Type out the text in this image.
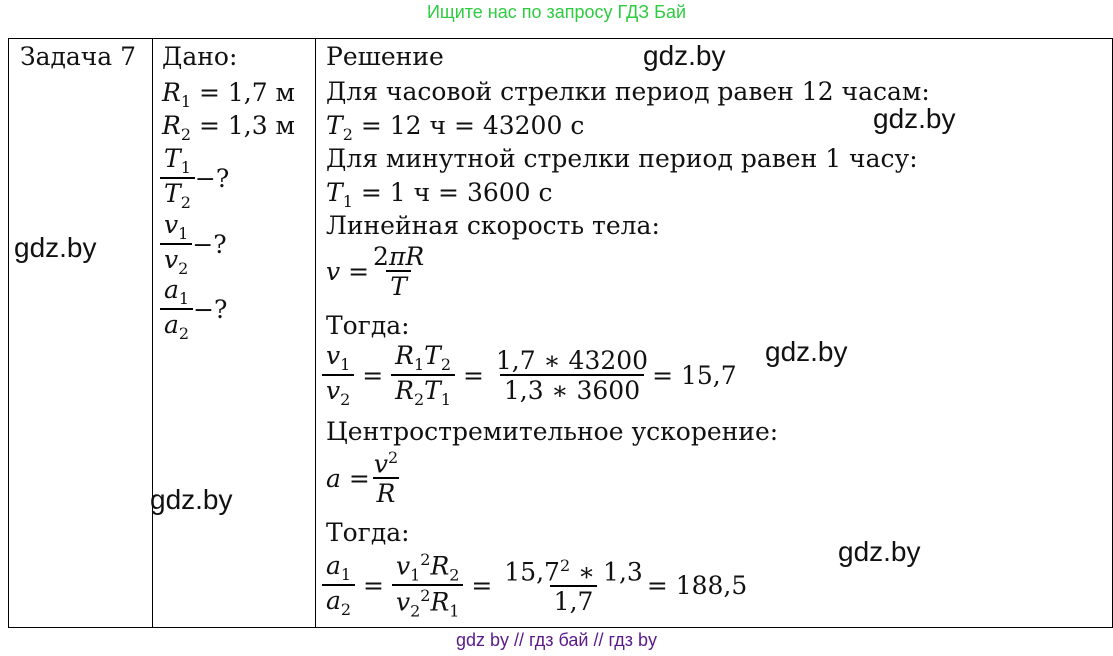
Ищите нас по запросу ГДЗ Бай
Задача 7 Дано:
$R_1 = 1,7$ м
$R_2 = 1,3$ м
$\frac{T_1}{T_2}$ −?
$\frac{v_1}{v_2}$ −?
$\frac{a_1}{a_2}$ −?
Решение
Для часовой стрелки период равен 12 часам:
$T_2 = 12$ ч = 43200 с
Для минутной стрелки период равен 1 часу:
$T_1 = 1$ ч = 3600 с
Линейная скорость тела:
$v = \frac{2\pi R}{T}$
Тогда:
$\frac{v_1}{v_2} = \frac{R_1T_2}{R_2T_1} = \frac{1,7 ∗ 43200}{1,3 ∗ 3600} = 15,7$
Центростремительное ускорение:
$a = \frac{v^2}{R}$
Тогда:
$\frac{a_1}{a_2} = \frac{v_1^2R_2}{v_2^2R_1} = \frac{15,7^2 ∗ 1,3}{1,7} = 188,5$
gdz.by
gdz.by
gdz.by
gdz.by
gdz.by
gdz.by
gdz by // гдз бай // гдз by
